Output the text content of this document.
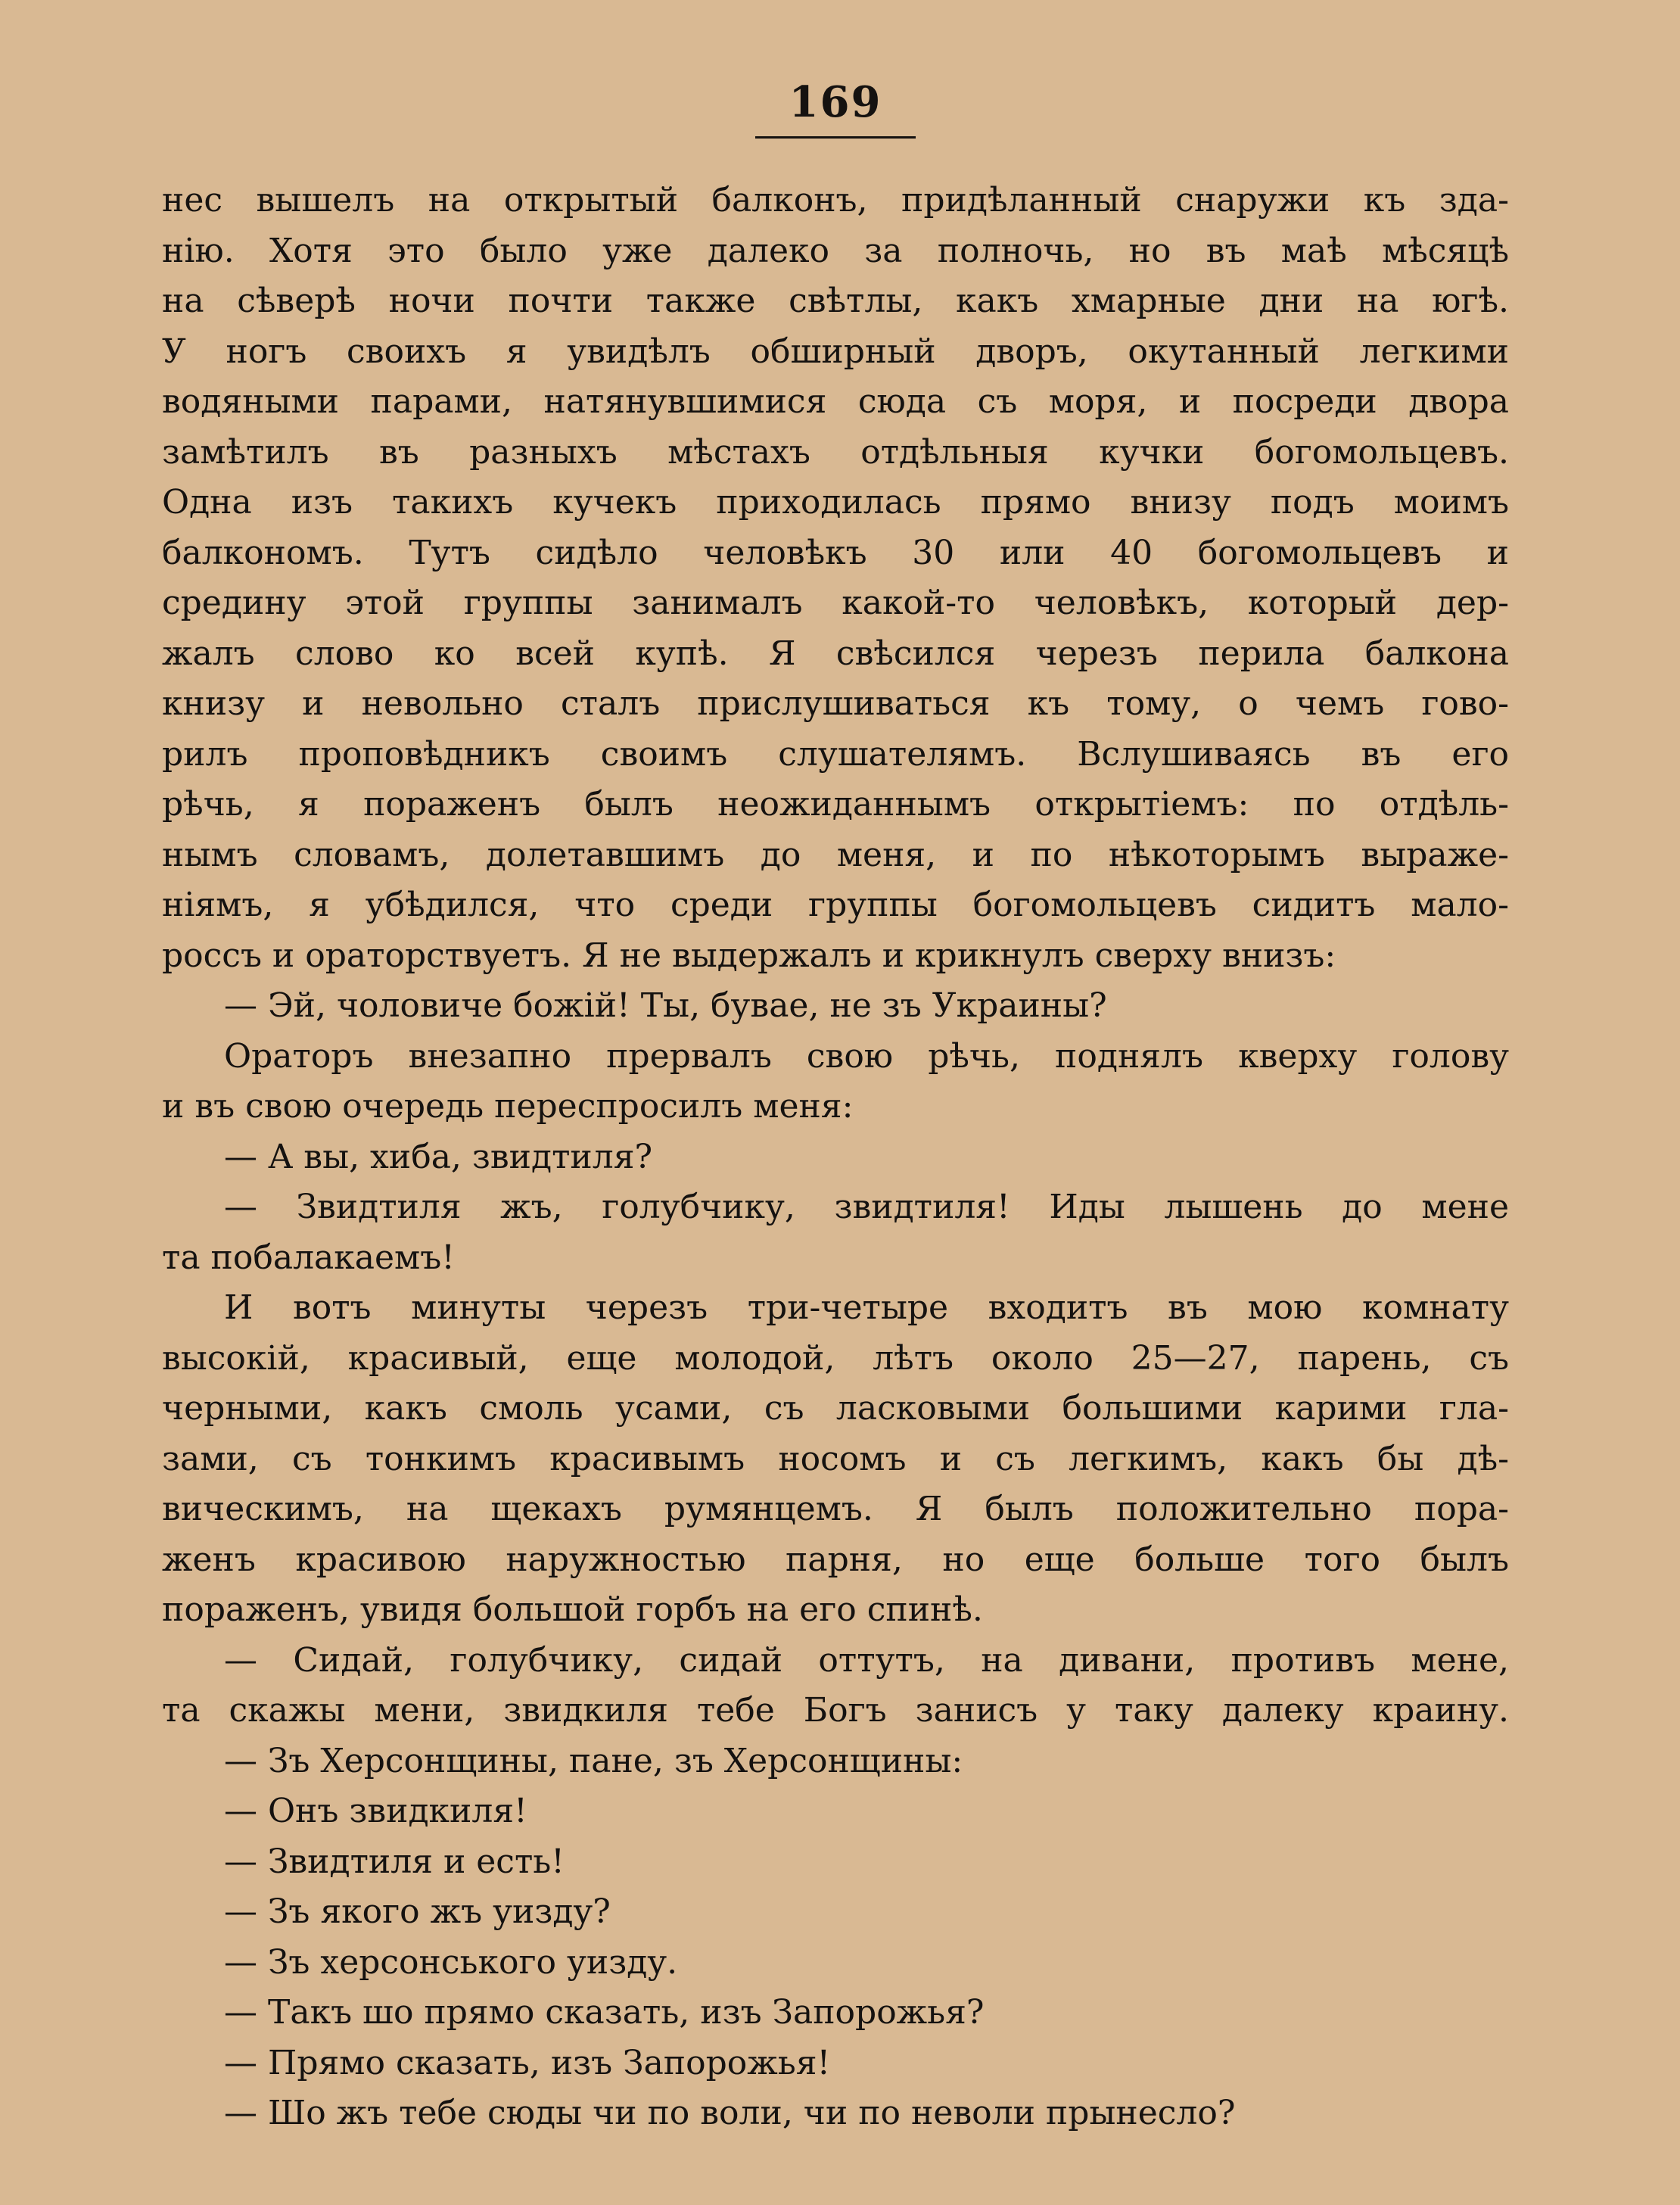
169
нес вышелъ на открытый балконъ, придѣланный снаружи къ зда-
нію. Хотя это было уже далеко за полночь, но въ маѣ мѣсяцѣ
на сѣверѣ ночи почти также свѣтлы, какъ хмарные дни на югѣ.
У ногъ своихъ я увидѣлъ обширный дворъ, окутанный легкими
водяными парами, натянувшимися сюда съ моря, и посреди двора
замѣтилъ въ разныхъ мѣстахъ отдѣльныя кучки богомольцевъ.
Одна изъ такихъ кучекъ приходилась прямо внизу подъ моимъ
балкономъ. Тутъ сидѣло человѣкъ 30 или 40 богомольцевъ и
средину этой группы занималъ какой-то человѣкъ, который дер-
жалъ слово ко всей купѣ. Я свѣсился черезъ перила балкона
книзу и невольно сталъ прислушиваться къ тому, о чемъ гово-
рилъ проповѣдникъ своимъ слушателямъ. Вслушиваясь въ его
рѣчь, я пораженъ былъ неожиданнымъ открытіемъ: по отдѣль-
нымъ словамъ, долетавшимъ до меня, и по нѣкоторымъ выраже-
ніямъ, я убѣдился, что среди группы богомольцевъ сидитъ мало-
россъ и ораторствуетъ. Я не выдержалъ и крикнулъ сверху внизъ:
— Эй, чоловиче божій! Ты, бувае, не зъ Украины?
Ораторъ внезапно прервалъ свою рѣчь, поднялъ кверху голову
и въ свою очередь переспросилъ меня:
— А вы, хиба, звидтиля?
— Звидтиля жъ, голубчику, звидтиля! Иды лышень до мене
та побалакаемъ!
И вотъ минуты черезъ три-четыре входитъ въ мою комнату
высокій, красивый, еще молодой, лѣтъ около 25—27, парень, съ
черными, какъ смоль усами, съ ласковыми большими карими гла-
зами, съ тонкимъ красивымъ носомъ и съ легкимъ, какъ бы дѣ-
вическимъ, на щекахъ румянцемъ. Я былъ положительно пора-
женъ красивою наружностью парня, но еще больше того былъ
пораженъ, увидя большой горбъ на его спинѣ.
— Сидай, голубчику, сидай оттутъ, на дивани, противъ мене,
та скажы мени, звидкиля тебе Богъ занисъ у таку далеку краину.
— Зъ Херсонщины, пане, зъ Херсонщины:
— Онъ звидкиля!
— Звидтиля и есть!
— Зъ якого жъ уизду?
— Зъ херсонського уизду.
— Такъ шо прямо сказать, изъ Запорожья?
— Прямо сказать, изъ Запорожья!
— Шо жъ тебе сюды чи по воли, чи по неволи прынесло?
